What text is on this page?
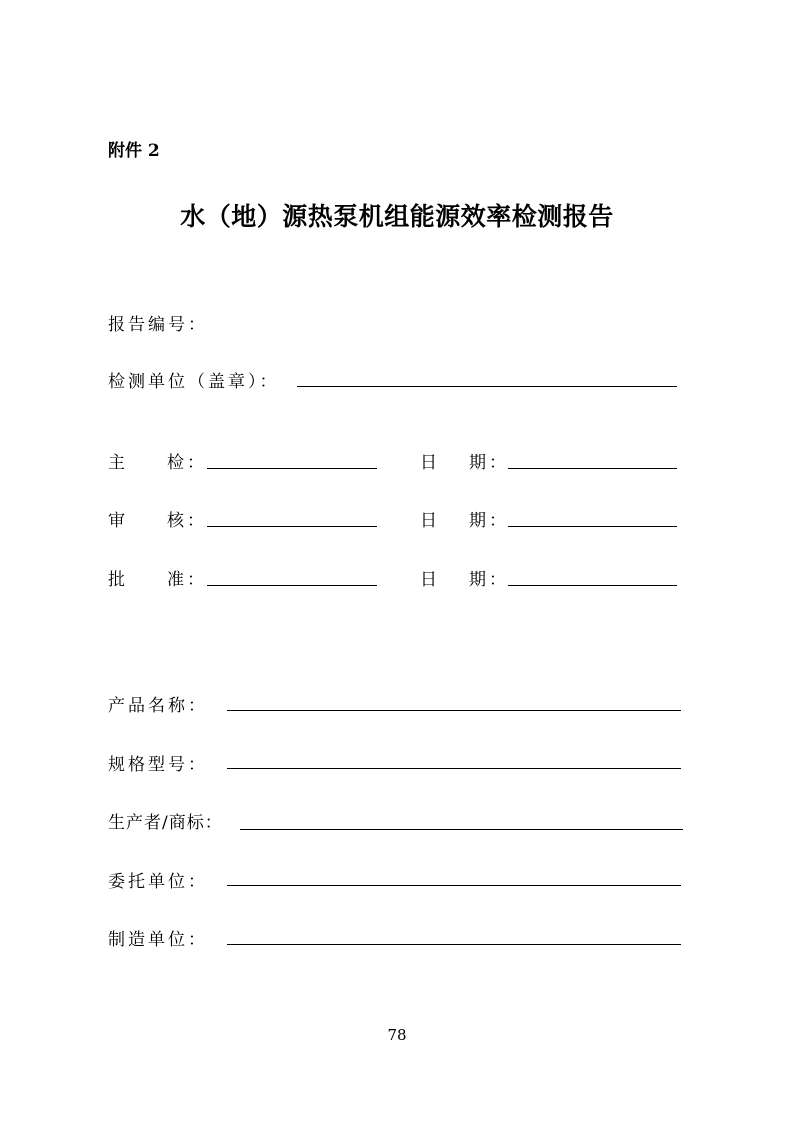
附件 2
水（地）源热泵机组能源效率检测报告
报告编号：
检测单位（盖章）：
主 检：	日 期：
审 核：	日 期：
批 准：	日 期：
产品名称：
规格型号：
生产者/商标：
委托单位：
制造单位：
78
